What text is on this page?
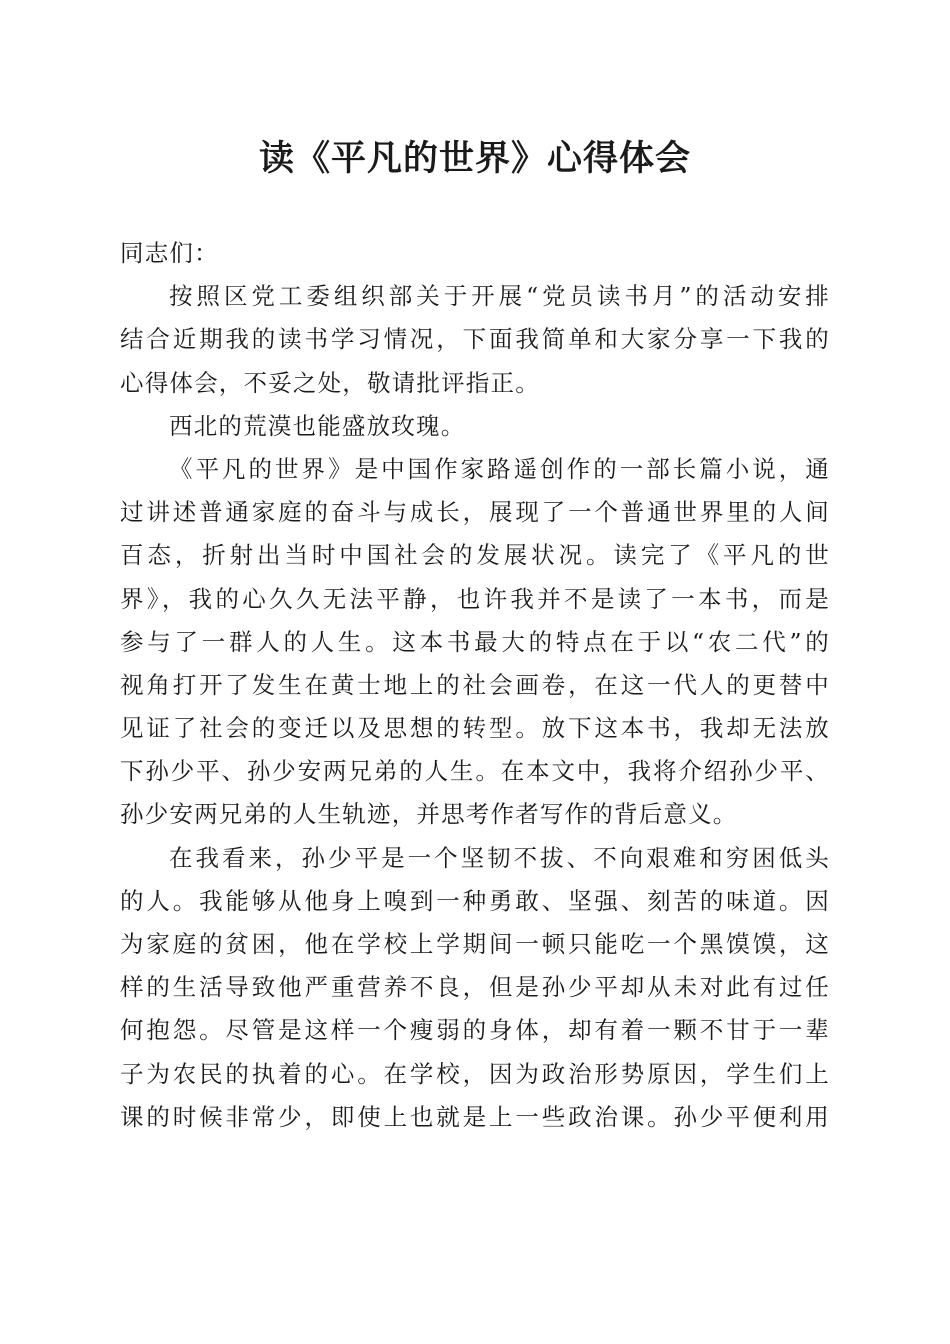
读《平凡的世界》心得体会
同志们：
按照区党工委组织部关于开展“党员读书月”的活动安排
结合近期我的读书学习情况，下面我简单和大家分享一下我的
心得体会，不妥之处，敬请批评指正。
西北的荒漠也能盛放玫瑰。
《平凡的世界》是中国作家路遥创作的一部长篇小说，通
过讲述普通家庭的奋斗与成长，展现了一个普通世界里的人间
百态，折射出当时中国社会的发展状况。读完了《平凡的世
界》，我的心久久无法平静，也许我并不是读了一本书，而是
参与了一群人的人生。这本书最大的特点在于以“农二代”的
视角打开了发生在黄士地上的社会画卷，在这一代人的更替中
见证了社会的变迁以及思想的转型。放下这本书，我却无法放
下孙少平、孙少安两兄弟的人生。在本文中，我将介绍孙少平、
孙少安两兄弟的人生轨迹，并思考作者写作的背后意义。
在我看来，孙少平是一个坚韧不拔、不向艰难和穷困低头
的人。我能够从他身上嗅到一种勇敢、坚强、刻苦的味道。因
为家庭的贫困，他在学校上学期间一顿只能吃一个黑馍馍，这
样的生活导致他严重营养不良，但是孙少平却从未对此有过任
何抱怨。尽管是这样一个瘦弱的身体，却有着一颗不甘于一辈
子为农民的执着的心。在学校，因为政治形势原因，学生们上
课的时候非常少，即使上也就是上一些政治课。孙少平便利用
